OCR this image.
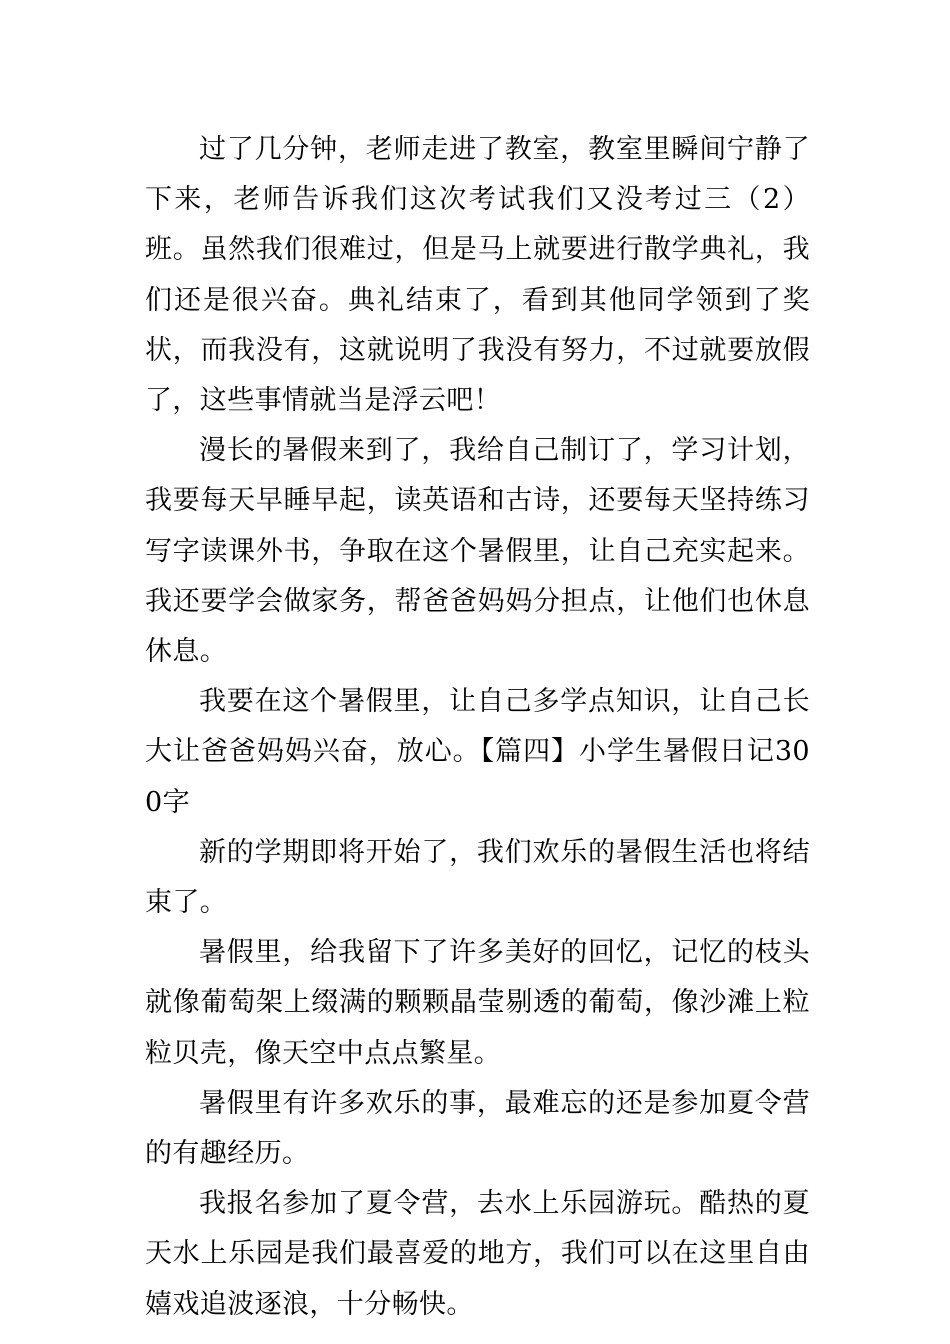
过了几分钟，老师走进了教室，教室里瞬间宁静了下来，老师告诉我们这次考试我们又没考过三（2）班。虽然我们很难过，但是马上就要进行散学典礼，我们还是很兴奋。典礼结束了，看到其他同学领到了奖状，而我没有，这就说明了我没有努力，不过就要放假了，这些事情就当是浮云吧！

漫长的暑假来到了，我给自己制订了，学习计划，我要每天早睡早起，读英语和古诗，还要每天坚持练习写字读课外书，争取在这个暑假里，让自己充实起来。我还要学会做家务，帮爸爸妈妈分担点，让他们也休息休息。

我要在这个暑假里，让自己多学点知识，让自己长大让爸爸妈妈兴奋，放心。【篇四】小学生暑假日记300字

新的学期即将开始了，我们欢乐的暑假生活也将结束了。

暑假里，给我留下了许多美好的回忆，记忆的枝头就像葡萄架上缀满的颗颗晶莹剔透的葡萄，像沙滩上粒粒贝壳，像天空中点点繁星。

暑假里有许多欢乐的事，最难忘的还是参加夏令营的有趣经历。

我报名参加了夏令营，去水上乐园游玩。酷热的夏天水上乐园是我们最喜爱的地方，我们可以在这里自由嬉戏追波逐浪，十分畅快。
